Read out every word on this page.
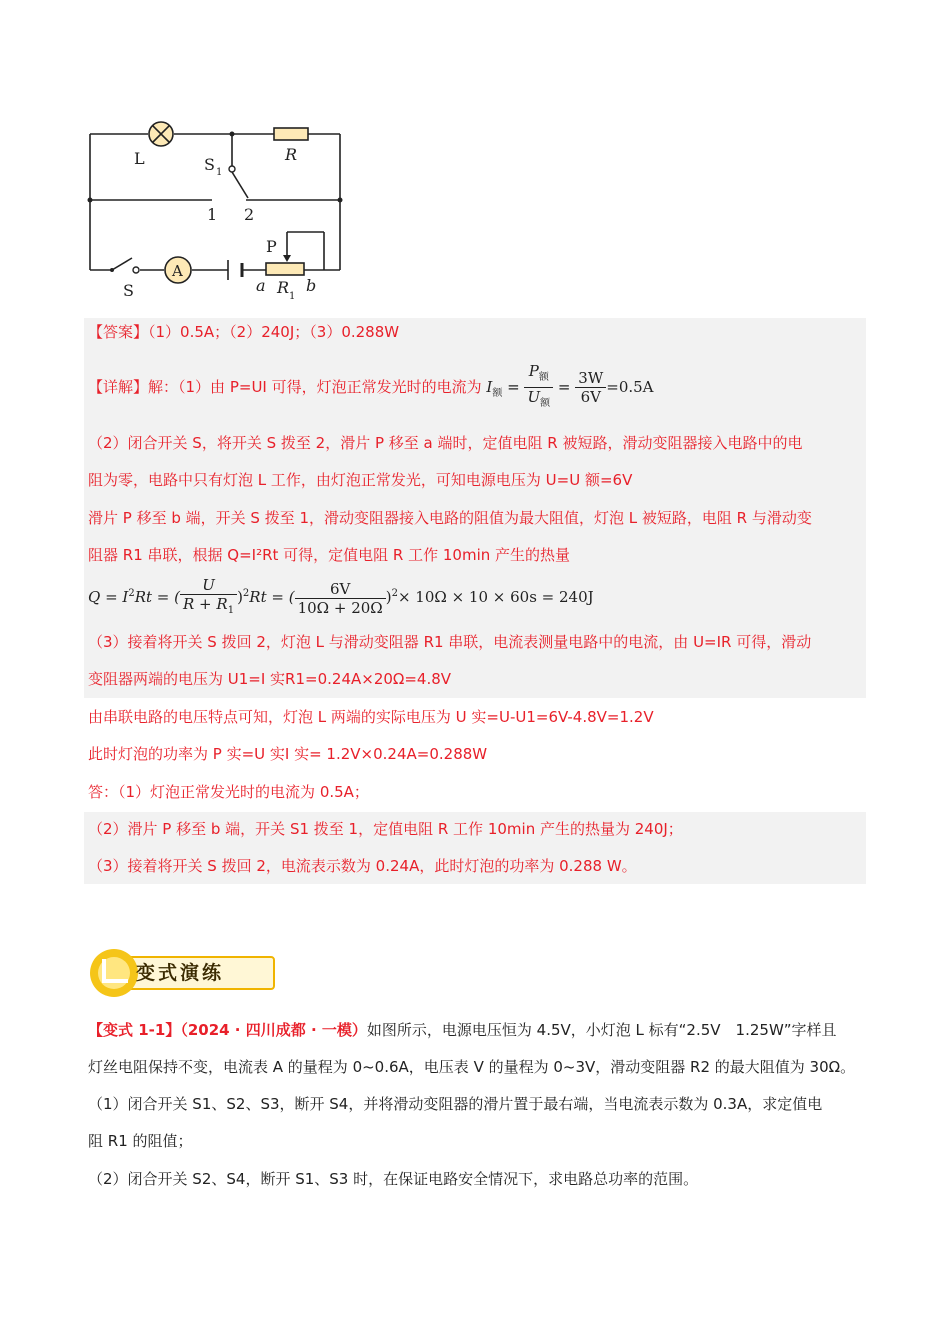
L	R
S 1
1 2
P
S
A
a R 1
b
【答案】（1）0.5A；（2）240J；（3）0.288W
【详解】解：（1）由 P=UI 可得，灯泡正常发光时的电流为 $I_额 = \frac{P_额}{U_额} = \frac{3W}{6V} =0.5A$
（2）闭合开关 S，将开关 S 拨至 2，滑片 P 移至 a 端时，定值电阻 R 被短路，滑动变阻器接入电路中的电
阻为零，电路中只有灯泡 L 工作，由灯泡正常发光，可知电源电压为 U=U 额=6V
滑片 P 移至 b 端，开关 S 拨至 1，滑动变阻器接入电路的阻值为最大阻值，灯泡 L 被短路，电阻 R 与滑动变
阻器 R1 串联，根据 Q=I²Rt 可得，定值电阻 R 工作 10min 产生的热量
$Q = I^2Rt$ = ( $\frac{U}{R + R_1} )^2Rt$ = ( $\frac{6V}{10\Omega + 20\Omega} )^2\times 10\Omega \times 10 \times 60s = 240J$
（3）接着将开关 S 拨回 2，灯泡 L 与滑动变阻器 R1 串联，电流表测量电路中的电流，由 U=IR 可得，滑动
变阻器两端的电压为 U1=I 实R1=0.24A×20Ω=4.8V
由串联电路的电压特点可知，灯泡 L 两端的实际电压为 U 实=U-U1=6V-4.8V=1.2V
此时灯泡的功率为 P 实=U 实I 实= 1.2V×0.24A=0.288W
答：（1）灯泡正常发光时的电流为 0.5A；
（2）滑片 P 移至 b 端，开关 S1 拨至 1，定值电阻 R 工作 10min 产生的热量为 240J；
（3）接着将开关 S 拨回 2，电流表示数为 0.24A，此时灯泡的功率为 0.288 W。
变式演练
【变式 1-1】（2024 · 四川成都 · 一模）如图所示，电源电压恒为 4.5V，小灯泡 L 标有“2.5V　1.25W”字样且
灯丝电阻保持不变，电流表 A 的量程为 0~0.6A，电压表 V 的量程为 0~3V，滑动变阻器 R2 的最大阻值为 30Ω。
（1）闭合开关 S1、S2、S3，断开 S4，并将滑动变阻器的滑片置于最右端，当电流表示数为 0.3A，求定值电
阻 R1 的阻值；
（2）闭合开关 S2、S4，断开 S1、S3 时，在保证电路安全情况下，求电路总功率的范围。
